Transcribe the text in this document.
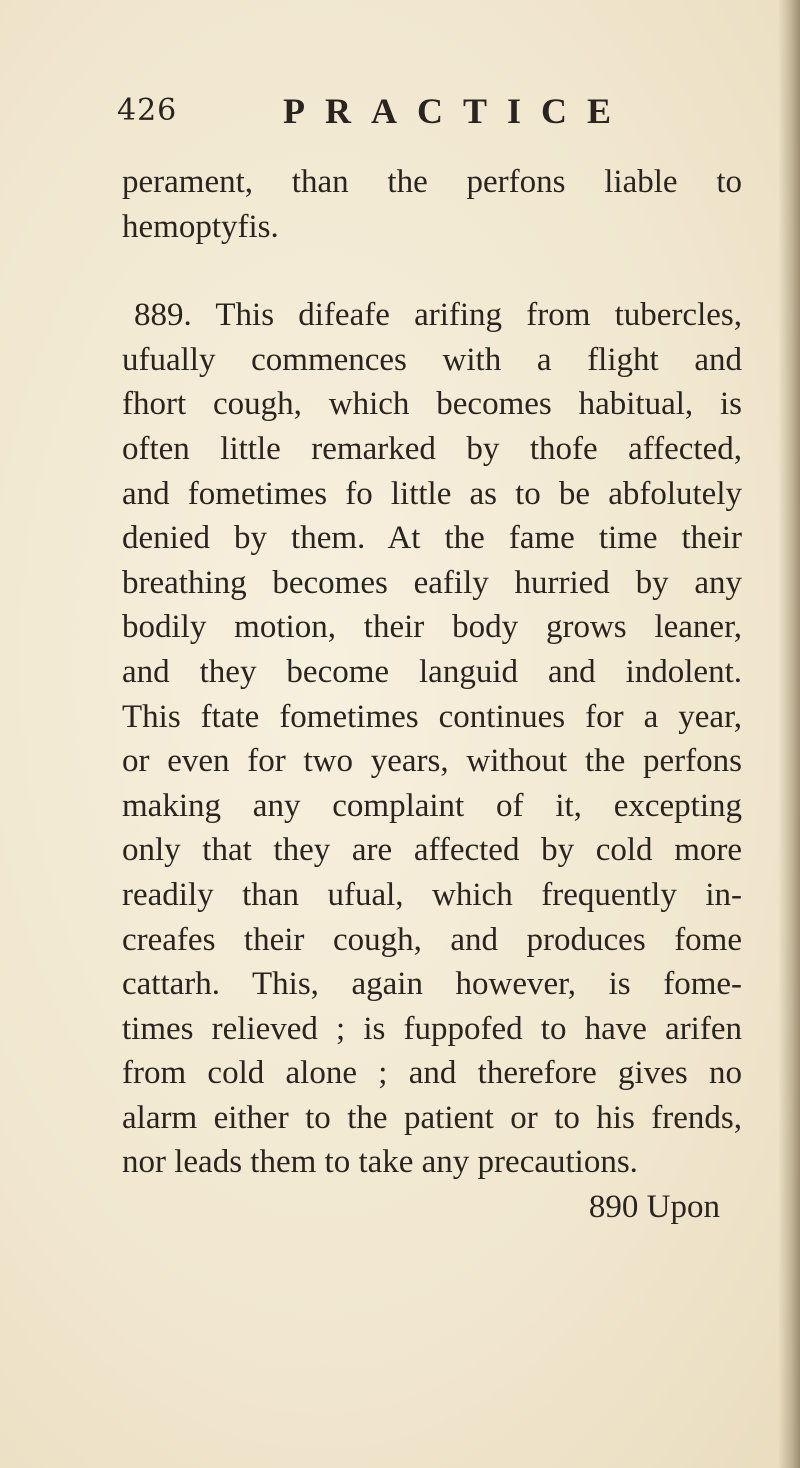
426	PRACTICE
perament, than the perfons liable to
hemoptyfis.
889. This difeafe arifing from tubercles,
ufually commences with a flight and
fhort cough, which becomes habitual, is
often little remarked by thofe affected,
and fometimes fo little as to be abfolutely
denied by them. At the fame time their
breathing becomes eafily hurried by any
bodily motion, their body grows leaner,
and they become languid and indolent.
This ftate fometimes continues for a year,
or even for two years, without the perfons
making any complaint of it, excepting
only that they are affected by cold more
readily than ufual, which frequently in-
creafes their cough, and produces fome
cattarh. This, again however, is fome-
times relieved ; is fuppofed to have arifen
from cold alone ; and therefore gives no
alarm either to the patient or to his frends,
nor leads them to take any precautions.
890 Upon
